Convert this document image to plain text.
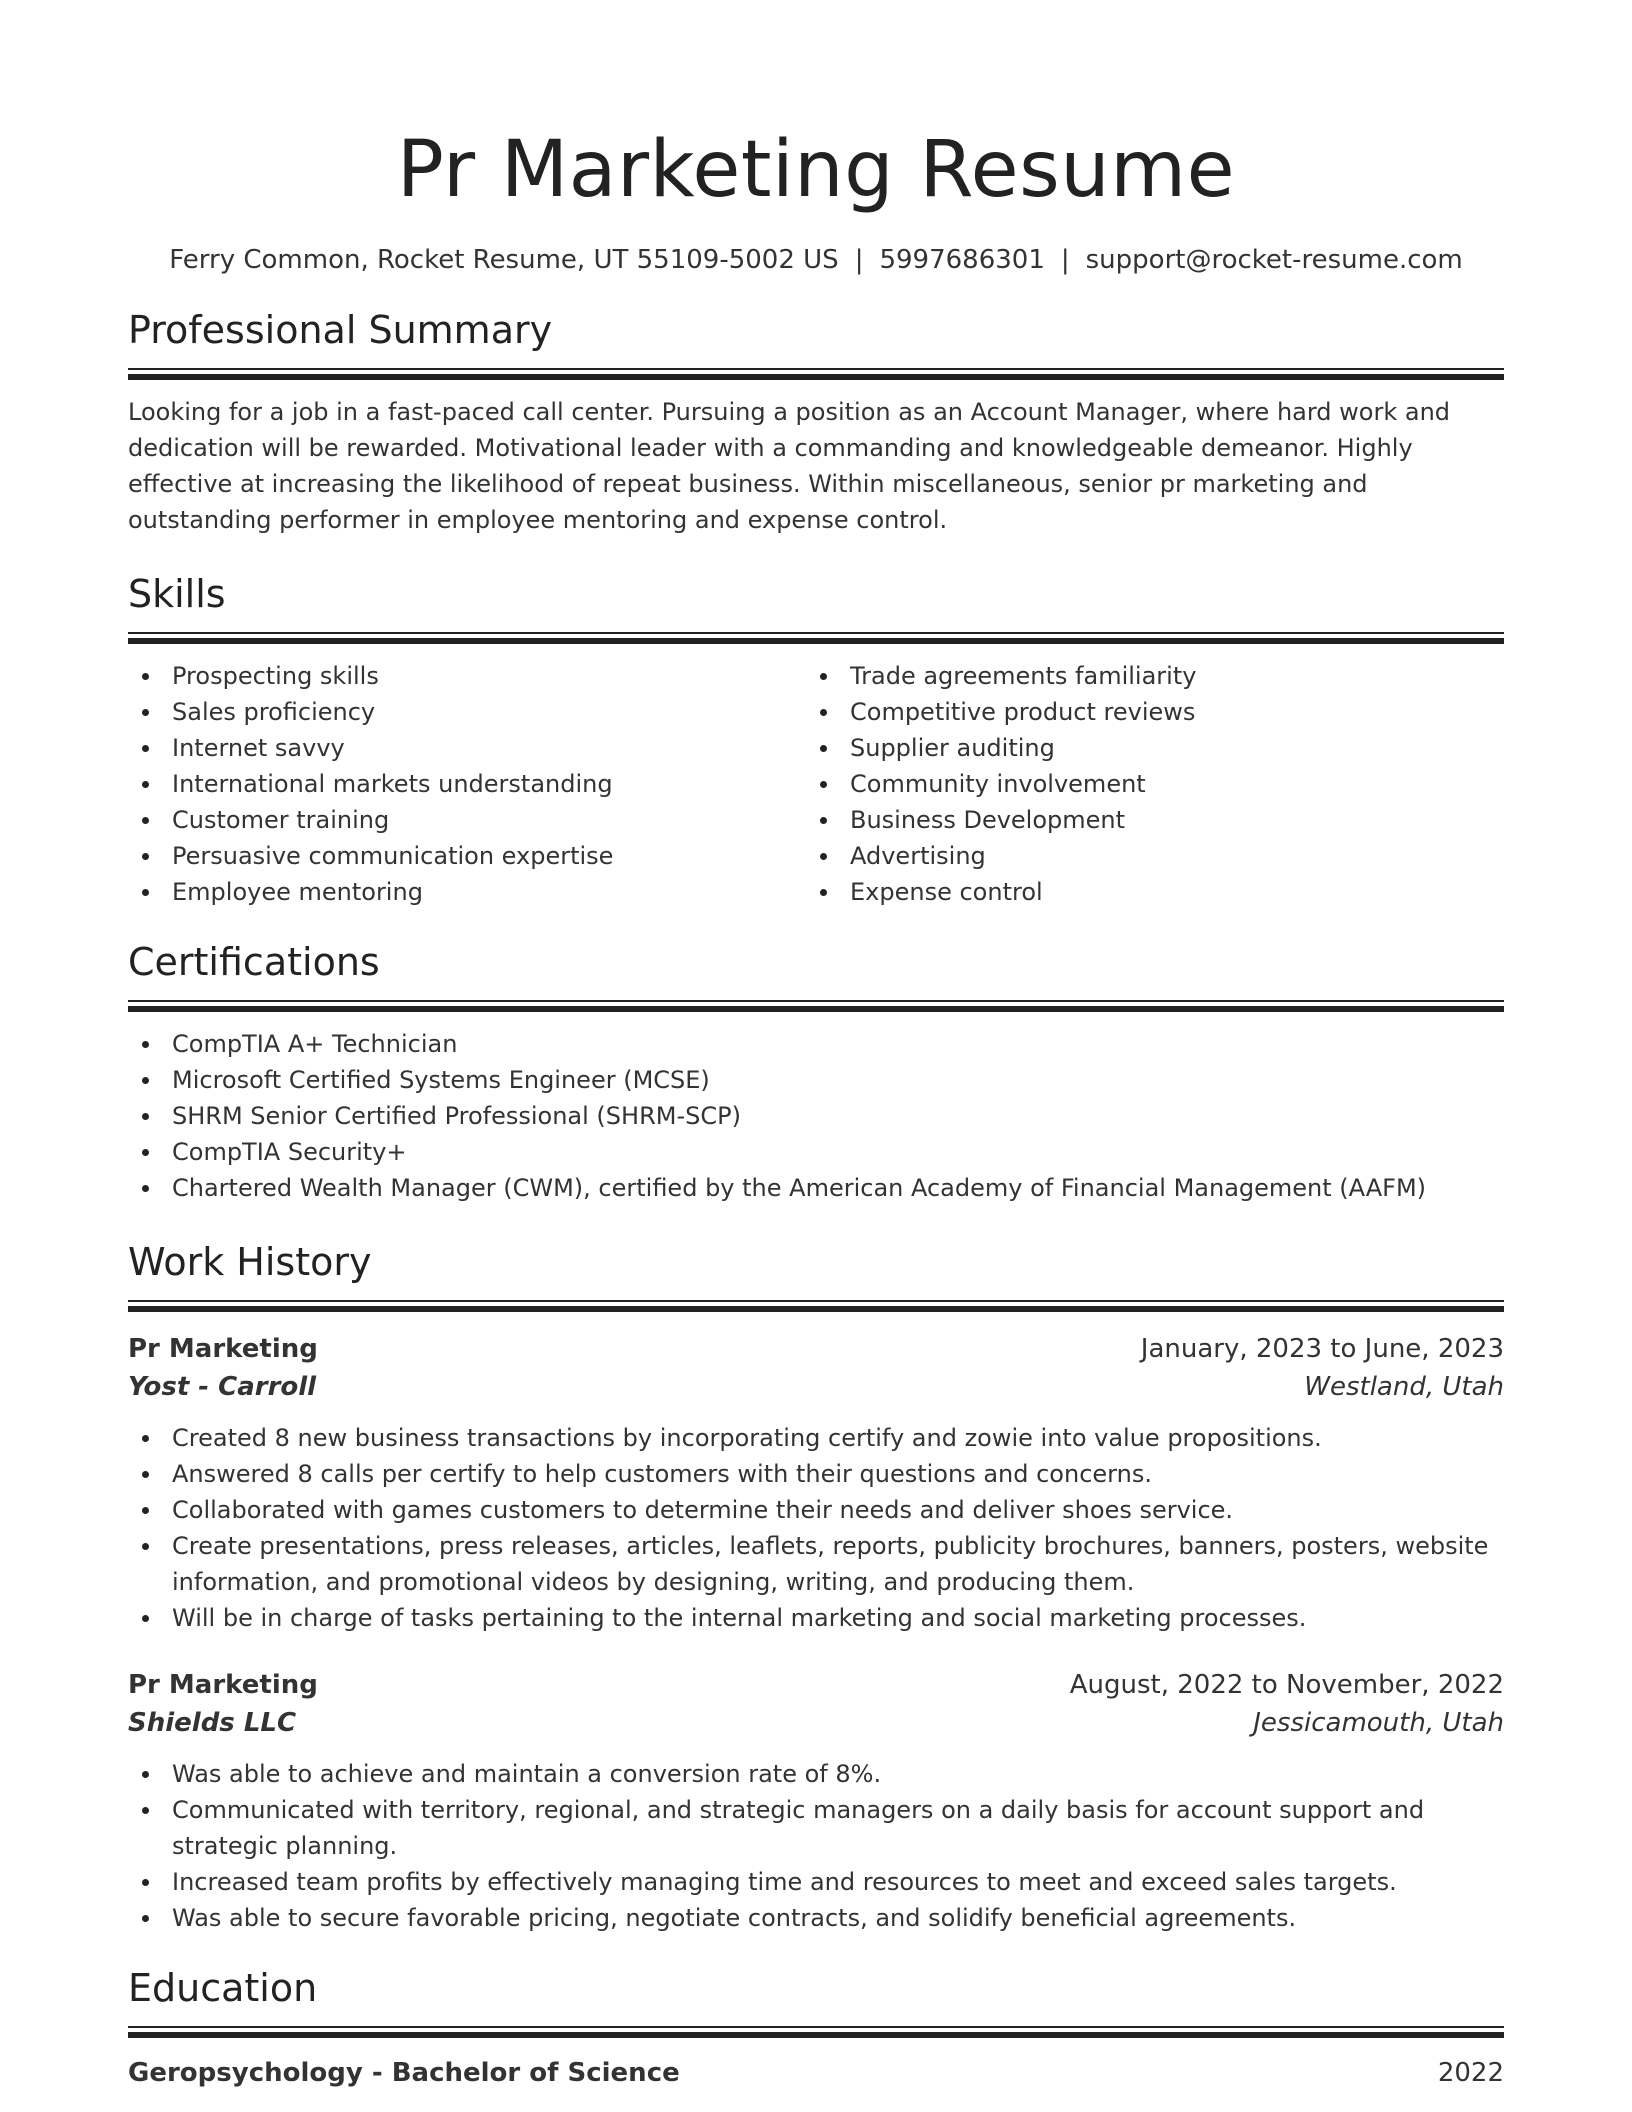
Pr Marketing Resume
Ferry Common, Rocket Resume, UT 55109-5002 US | 5997686301 | support@rocket-resume.com
Professional Summary

Looking for a job in a fast-paced call center. Pursuing a position as an Account Manager, where hard work and dedication will be rewarded. Motivational leader with a commanding and knowledgeable demeanor. Highly effective at increasing the likelihood of repeat business. Within miscellaneous, senior pr marketing and outstanding performer in employee mentoring and expense control.

Skills
Prospecting skills
Sales proficiency
Internet savvy
International markets understanding
Customer training
Persuasive communication expertise
Employee mentoring
Trade agreements familiarity
Competitive product reviews
Supplier auditing
Community involvement
Business Development
Advertising
Expense control
Certifications
CompTIA A+ Technician
Microsoft Certified Systems Engineer (MCSE)
SHRM Senior Certified Professional (SHRM-SCP)
CompTIA Security+
Chartered Wealth Manager (CWM), certified by the American Academy of Financial Management (AAFM)
Work History
Pr Marketing	January, 2023 to June, 2023
Yost - Carroll	Westland, Utah
Created 8 new business transactions by incorporating certify and zowie into value propositions.
Answered 8 calls per certify to help customers with their questions and concerns.
Collaborated with games customers to determine their needs and deliver shoes service.
Create presentations, press releases, articles, leaflets, reports, publicity brochures, banners, posters, website information, and promotional videos by designing, writing, and producing them.
Will be in charge of tasks pertaining to the internal marketing and social marketing processes.
Pr Marketing	August, 2022 to November, 2022
Shields LLC	Jessicamouth, Utah
Was able to achieve and maintain a conversion rate of 8%.
Communicated with territory, regional, and strategic managers on a daily basis for account support and strategic planning.
Increased team profits by effectively managing time and resources to meet and exceed sales targets.
Was able to secure favorable pricing, negotiate contracts, and solidify beneficial agreements.
Education
Geropsychology - Bachelor of Science	2022
